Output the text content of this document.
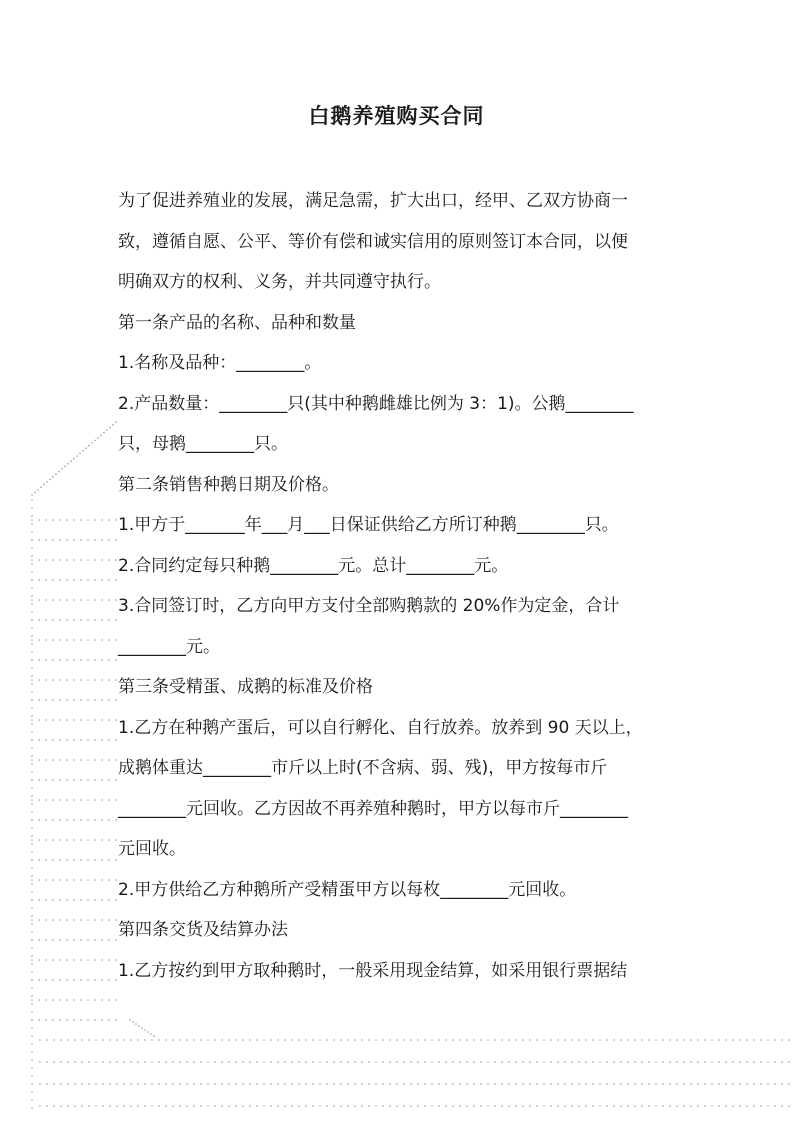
白鹅养殖购买合同
为了促进养殖业的发展，满足急需，扩大出口，经甲、乙双方协商一
致，遵循自愿、公平、等价有偿和诚实信用的原则签订本合同，以便
明确双方的权利、义务，并共同遵守执行。
第一条产品的名称、品种和数量
1.名称及品种：________。
2.产品数量：________只(其中种鹅雌雄比例为 3：1)。公鹅________
只，母鹅________只。
第二条销售种鹅日期及价格。
1.甲方于_______年___月___日保证供给乙方所订种鹅________只。
2.合同约定每只种鹅________元。总计________元。
3.合同签订时，乙方向甲方支付全部购鹅款的 20%作为定金，合计
________元。
第三条受精蛋、成鹅的标准及价格
1.乙方在种鹅产蛋后，可以自行孵化、自行放养。放养到 90 天以上，
成鹅体重达________市斤以上时(不含病、弱、残)，甲方按每市斤
________元回收。乙方因故不再养殖种鹅时，甲方以每市斤________
元回收。
2.甲方供给乙方种鹅所产受精蛋甲方以每枚________元回收。
第四条交货及结算办法
1.乙方按约到甲方取种鹅时，一般采用现金结算，如采用银行票据结
